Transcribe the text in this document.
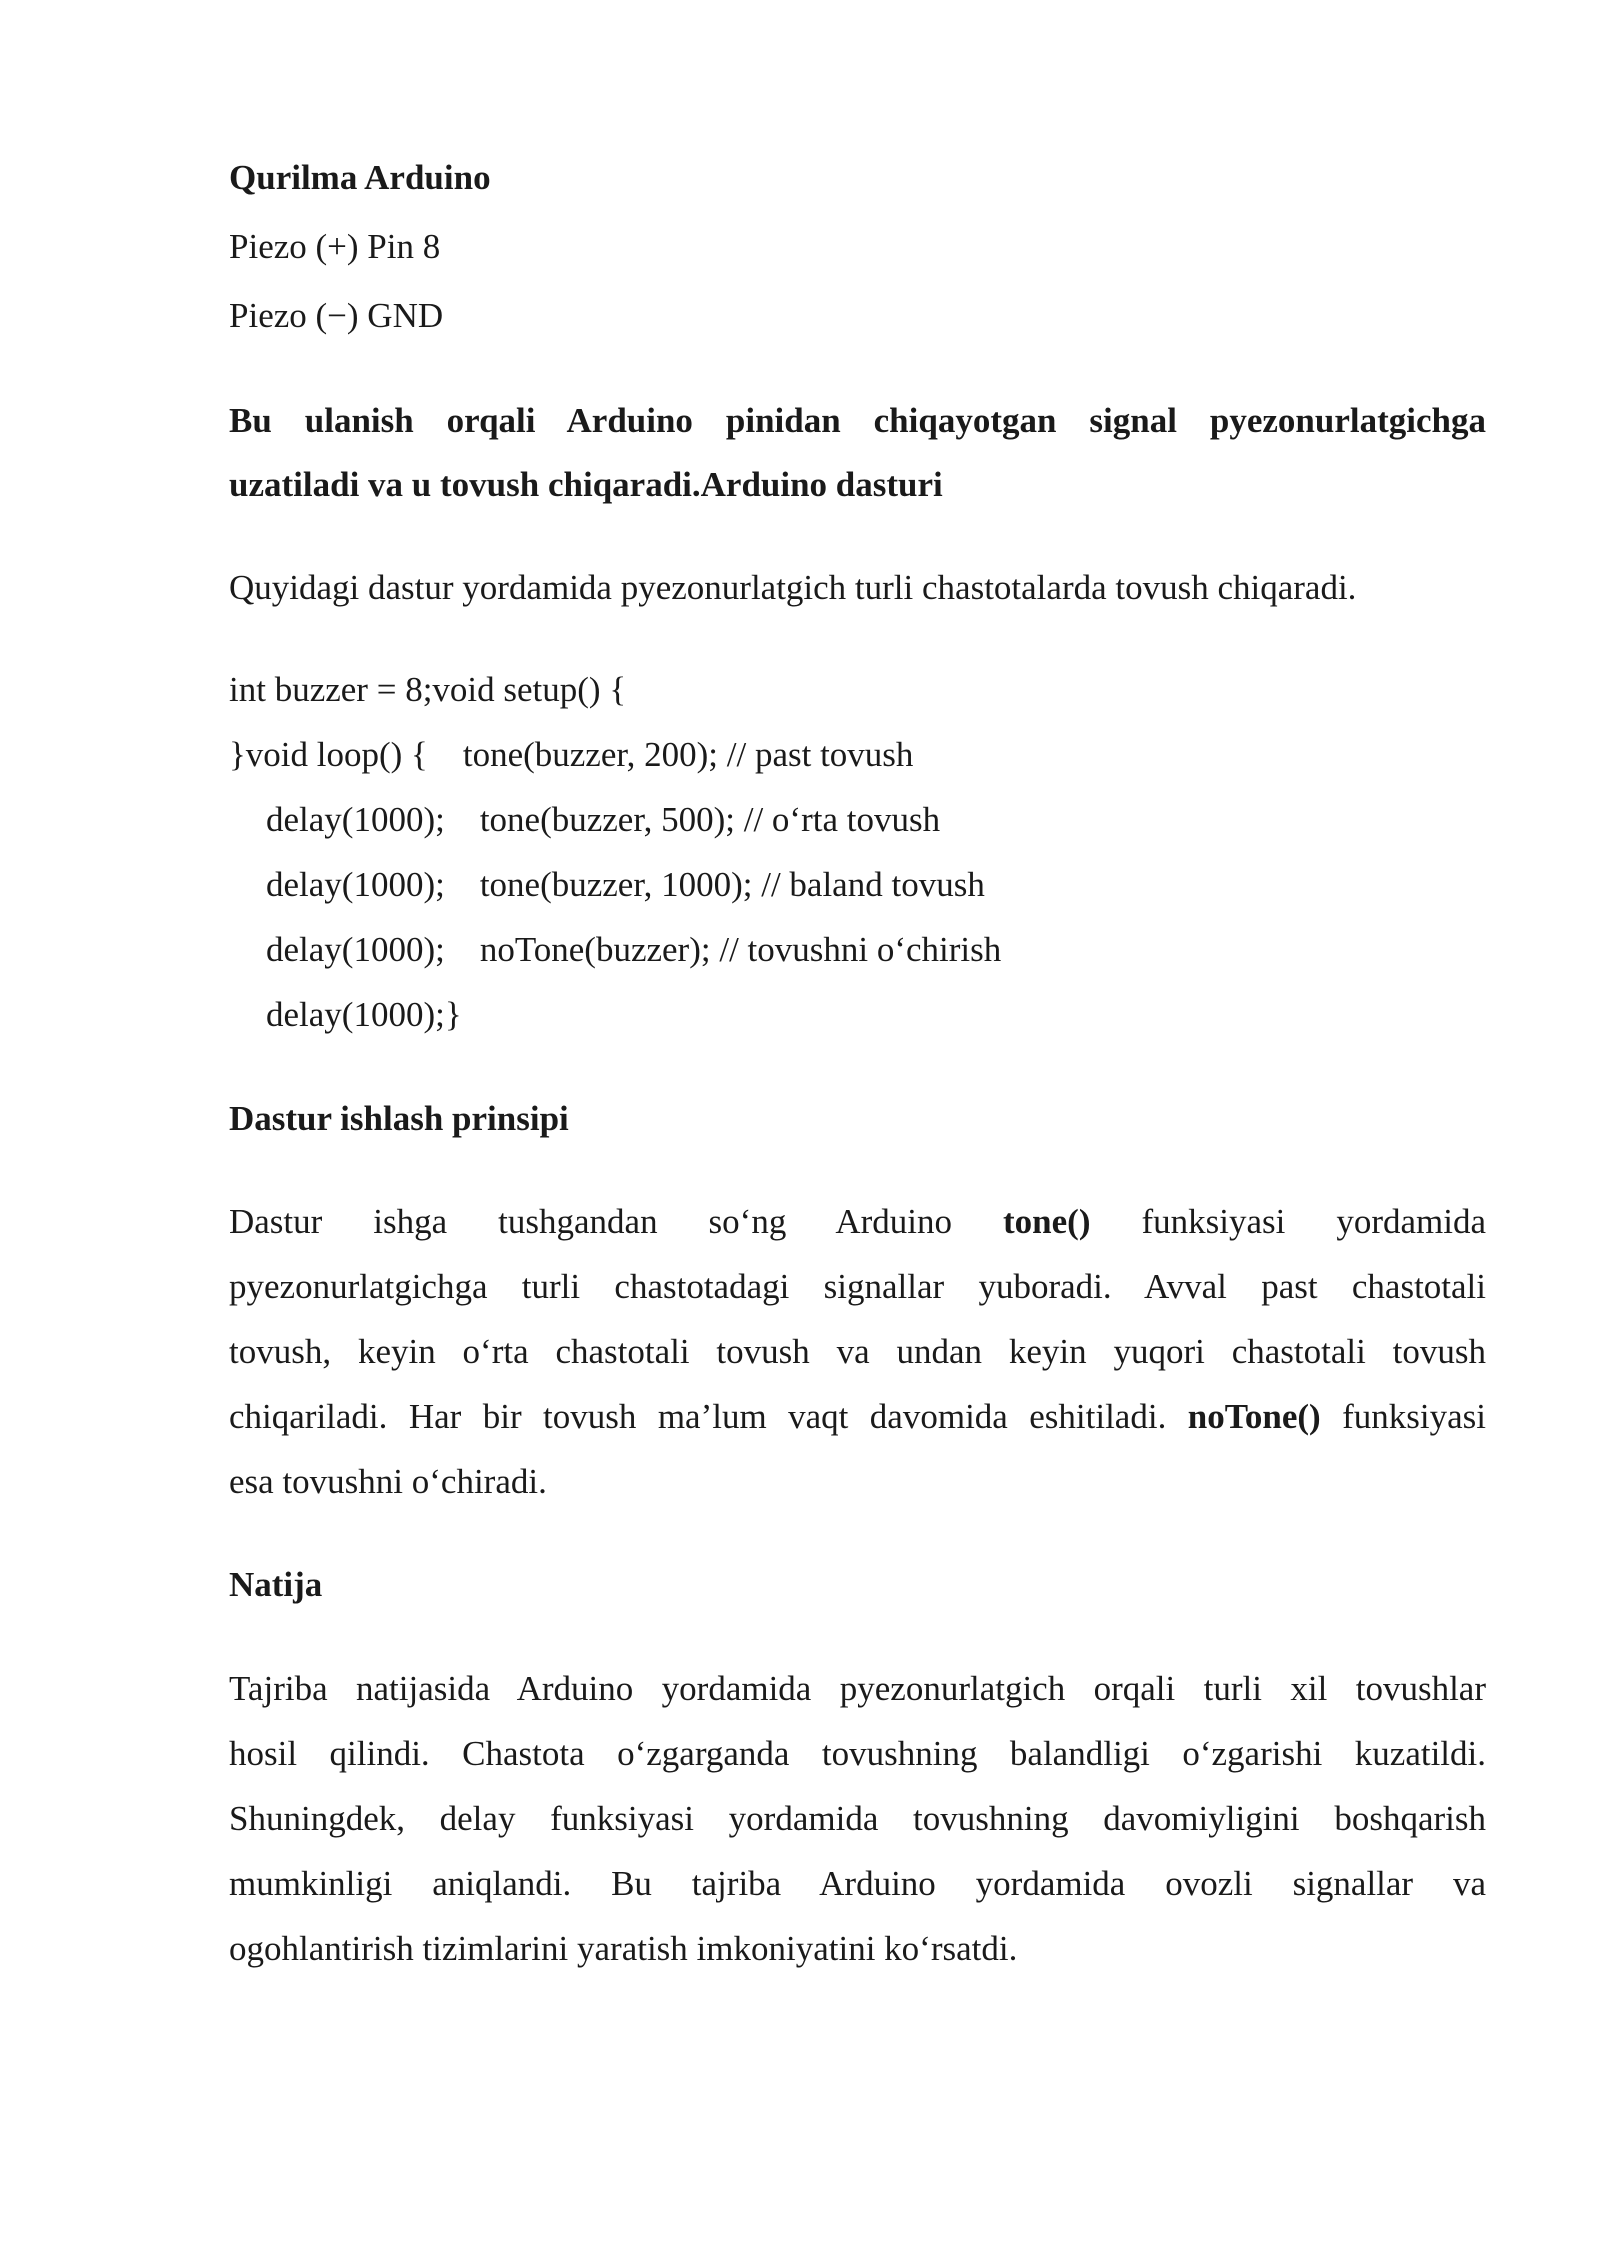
Qurilma Arduino
Piezo (+) Pin 8
Piezo (−) GND
Bu ulanish orqali Arduino pinidan chiqayotgan signal pyezonurlatgichga
uzatiladi va u tovush chiqaradi.Arduino dasturi
Quyidagi dastur yordamida pyezonurlatgich turli chastotalarda tovush chiqaradi.
int buzzer = 8;void setup() {
}void loop() {    tone(buzzer, 200); // past tovush
delay(1000);    tone(buzzer, 500); // o‘rta tovush
delay(1000);    tone(buzzer, 1000); // baland tovush
delay(1000);    noTone(buzzer); // tovushni o‘chirish
delay(1000);}
Dastur ishlash prinsipi
Dastur ishga tushgandan so‘ng Arduino tone() funksiyasi yordamida
pyezonurlatgichga turli chastotadagi signallar yuboradi. Avval past chastotali
tovush, keyin o‘rta chastotali tovush va undan keyin yuqori chastotali tovush
chiqariladi. Har bir tovush ma’lum vaqt davomida eshitiladi. noTone() funksiyasi
esa tovushni o‘chiradi.
Natija
Tajriba natijasida Arduino yordamida pyezonurlatgich orqali turli xil tovushlar
hosil qilindi. Chastota o‘zgarganda tovushning balandligi o‘zgarishi kuzatildi.
Shuningdek, delay funksiyasi yordamida tovushning davomiyligini boshqarish
mumkinligi aniqlandi. Bu tajriba Arduino yordamida ovozli signallar va
ogohlantirish tizimlarini yaratish imkoniyatini ko‘rsatdi.
